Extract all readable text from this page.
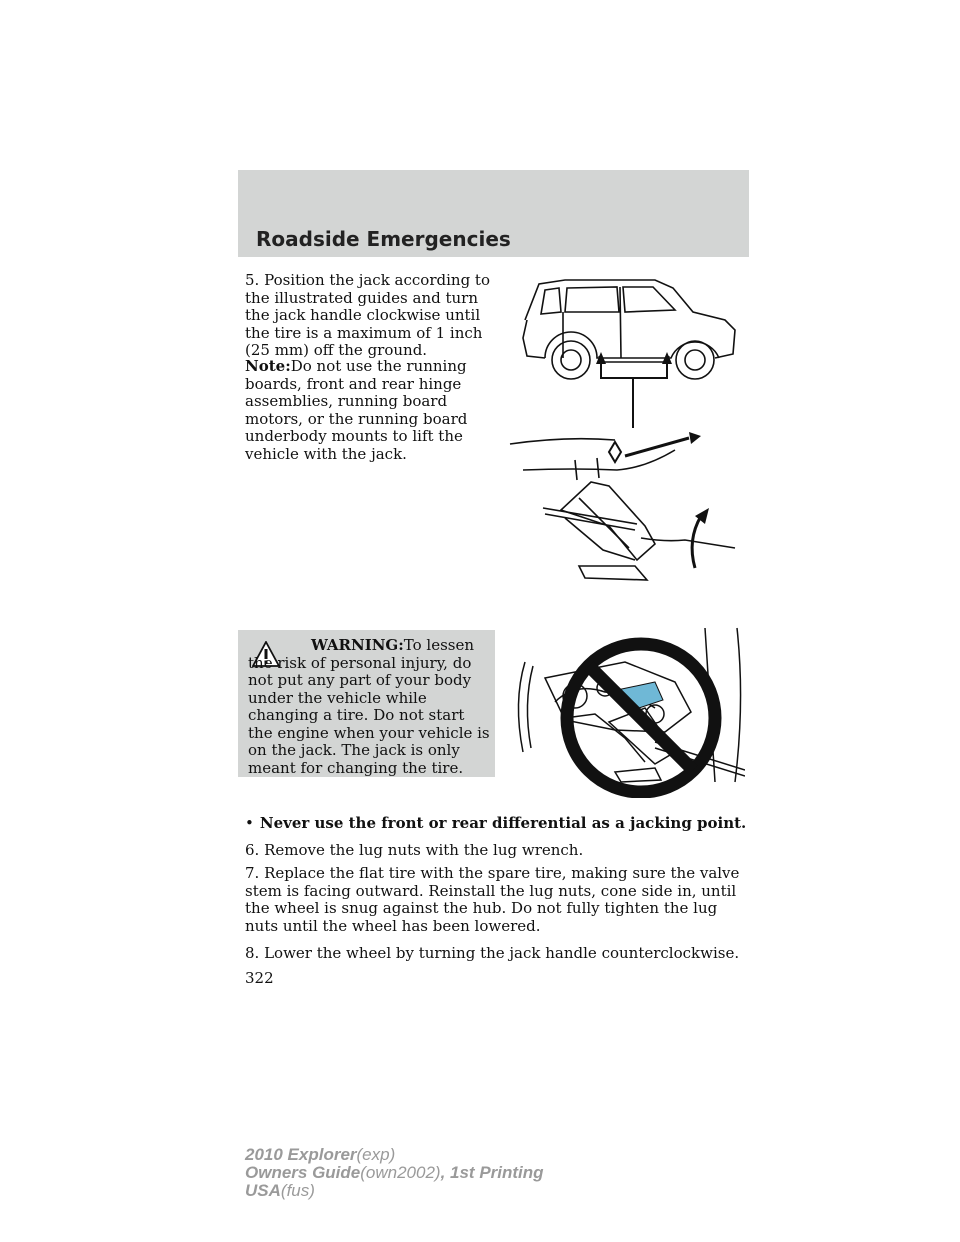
Roadside Emergencies

5. Position the jack according to the illustrated guides and turn the jack handle clockwise until the tire is a maximum of 1 inch (25 mm) off the ground.

Note:Do not use the running boards, front and rear hinge assemblies, running board motors, or the running board underbody mounts to lift the vehicle with the jack.

WARNING:To lessen the risk of personal injury, do not put any part of your body under the vehicle while changing a tire. Do not start the engine when your vehicle is on the jack. The jack is only meant for changing the tire.

• Never use the front or rear differential as a jacking point.

6. Remove the lug nuts with the lug wrench.

7. Replace the flat tire with the spare tire, making sure the valve stem is facing outward. Reinstall the lug nuts, cone side in, until the wheel is snug against the hub. Do not fully tighten the lug nuts until the wheel has been lowered.

8. Lower the wheel by turning the jack handle counterclockwise.

322

2010 Explorer(exp)
Owners Guide(own2002), 1st Printing
USA(fus)
